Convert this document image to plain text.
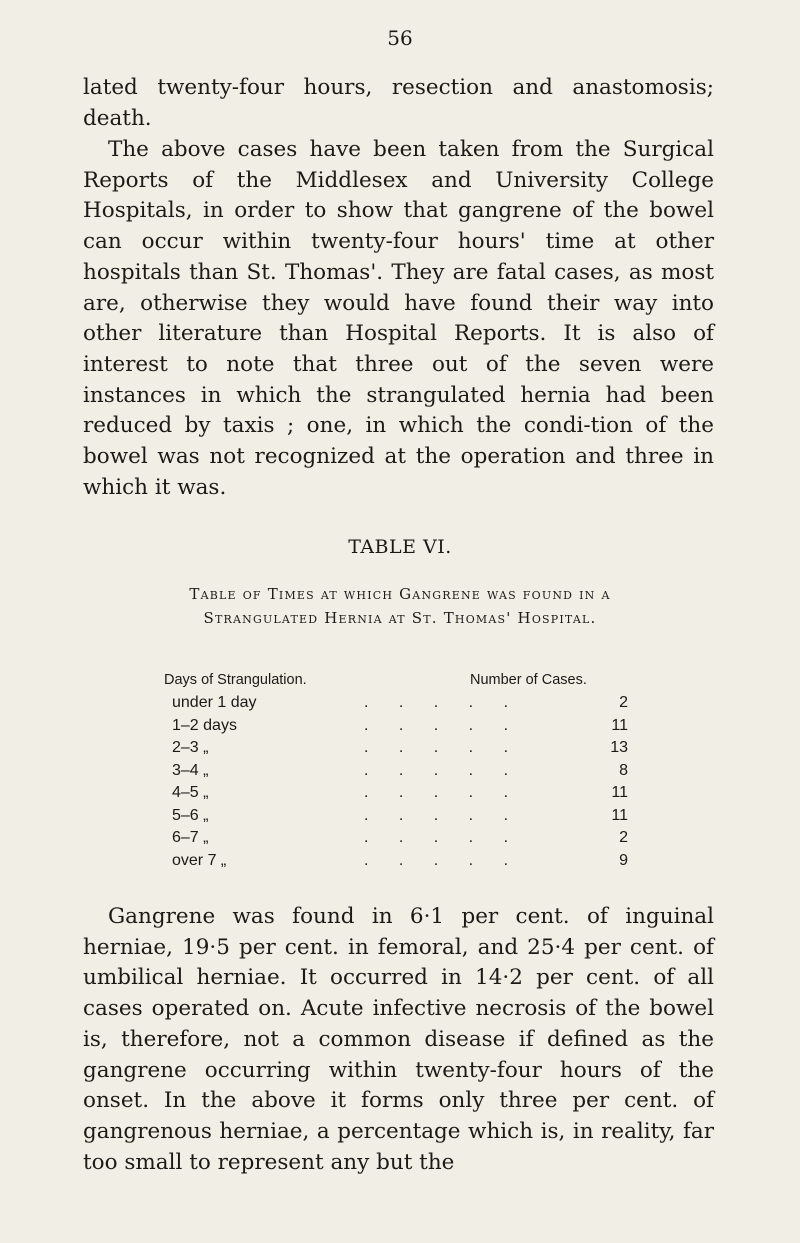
56

lated twenty-four hours, resection and anastomosis; death.

The above cases have been taken from the Surgical Reports of the Middlesex and University College Hospitals, in order to show that gangrene of the bowel can occur within twenty-four hours' time at other hospitals than St. Thomas'. They are fatal cases, as most are, otherwise they would have found their way into other literature than Hospital Reports. It is also of interest to note that three out of the seven were instances in which the strangulated hernia had been reduced by taxis ; one, in which the condi-tion of the bowel was not recognized at the operation and three in which it was.

TABLE VI.
Table of Times at which Gangrene was found in a
Strangulated Hernia at St. Thomas' Hospital.
Days of Strangulation.	Number of Cases.
under 1 day	. . . . .	2
1–2 days	. . . . .	11
2–3 „	. . . . .	13
3–4 „	. . . . .	8
4–5 „	. . . . .	11
5–6 „	. . . . .	11
6–7 „	. . . . .	2
over 7 „	. . . . .	9

Gangrene was found in 6·1 per cent. of inguinal herniae, 19·5 per cent. in femoral, and 25·4 per cent. of umbilical herniae. It occurred in 14·2 per cent. of all cases operated on. Acute infective necrosis of the bowel is, therefore, not a common disease if defined as the gangrene occurring within twenty-four hours of the onset. In the above it forms only three per cent. of gangrenous herniae, a percentage which is, in reality, far too small to represent any but the
